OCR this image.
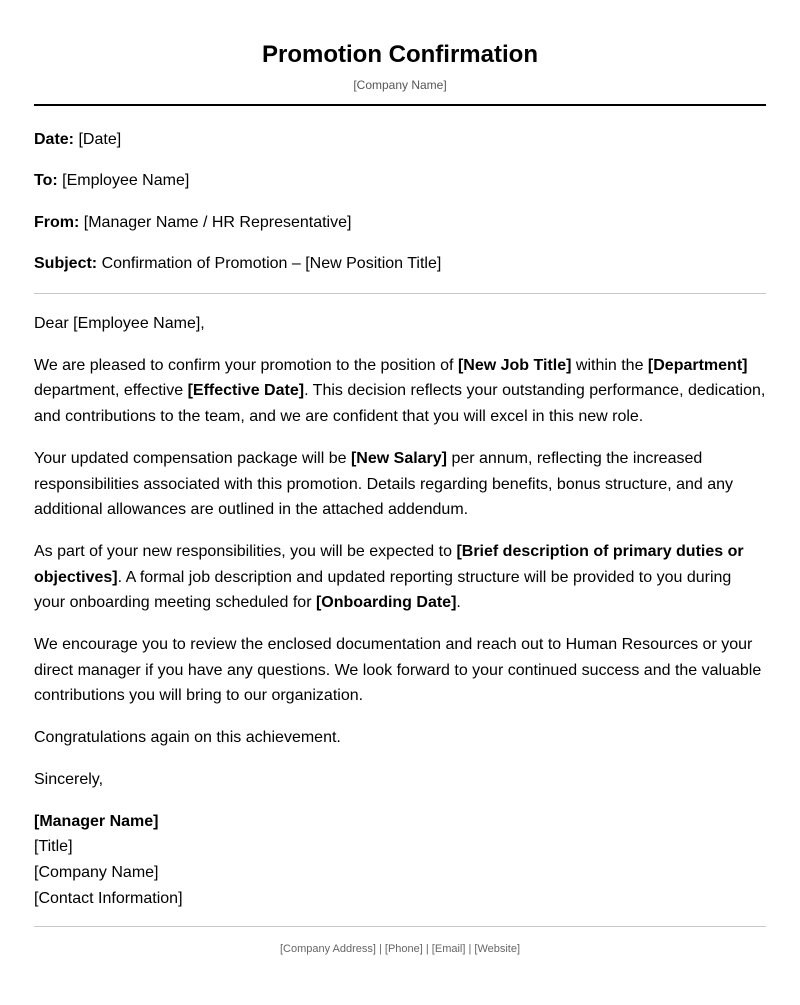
Promotion Confirmation
[Company Name]

Date: [Date]

To: [Employee Name]

From: [Manager Name / HR Representative]

Subject: Confirmation of Promotion – [New Position Title]

Dear [Employee Name],

We are pleased to confirm your promotion to the position of [New Job Title] within the [Department] department, effective [Effective Date]. This decision reflects your outstanding performance, dedication, and contributions to the team, and we are confident that you will excel in this new role.

Your updated compensation package will be [New Salary] per annum, reflecting the increased responsibilities associated with this promotion. Details regarding benefits, bonus structure, and any additional allowances are outlined in the attached addendum.

As part of your new responsibilities, you will be expected to [Brief description of primary duties or objectives]. A formal job description and updated reporting structure will be provided to you during your onboarding meeting scheduled for [Onboarding Date].

We encourage you to review the enclosed documentation and reach out to Human Resources or your direct manager if you have any questions. We look forward to your continued success and the valuable contributions you will bring to our organization.

Congratulations again on this achievement.

Sincerely,

[Manager Name]
[Title]
[Company Name]
[Contact Information]
[Company Address] | [Phone] | [Email] | [Website]
